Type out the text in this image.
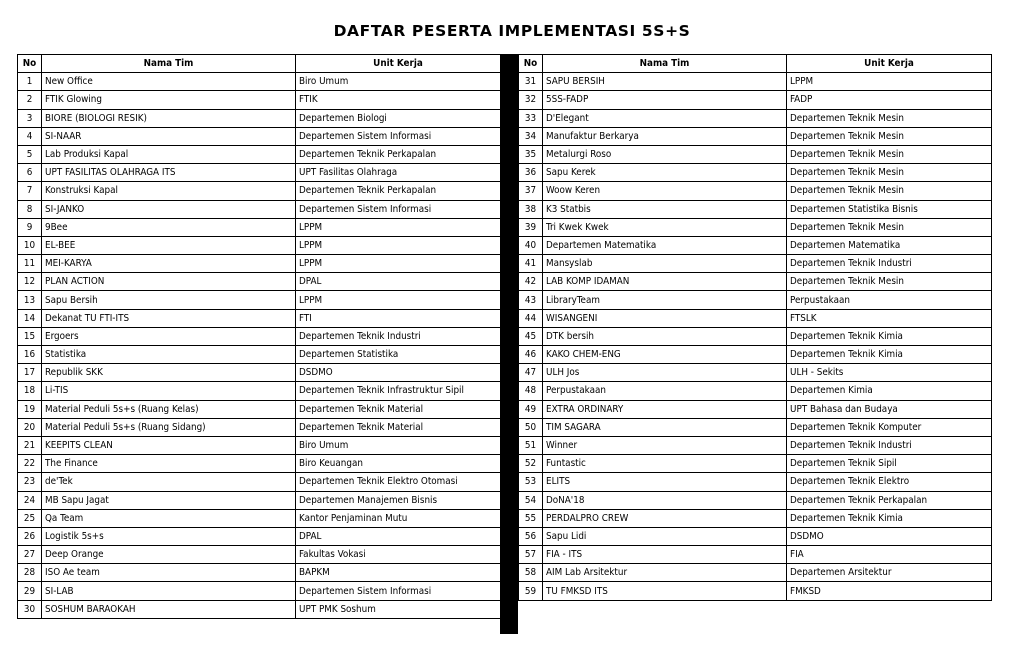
DAFTAR PESERTA IMPLEMENTASI 5S+S
No	Nama Tim	Unit Kerja
1	New Office	Biro Umum
2	FTIK Glowing	FTIK
3	BIORE (BIOLOGI RESIK)	Departemen Biologi
4	SI-NAAR	Departemen Sistem Informasi
5	Lab Produksi Kapal	Departemen Teknik Perkapalan
6	UPT FASILITAS OLAHRAGA ITS	UPT Fasilitas Olahraga
7	Konstruksi Kapal	Departemen Teknik Perkapalan
8	SI-JANKO	Departemen Sistem Informasi
9	9Bee	LPPM
10	EL-BEE	LPPM
11	MEI-KARYA	LPPM
12	PLAN ACTION	DPAL
13	Sapu Bersih	LPPM
14	Dekanat TU FTI-ITS	FTI
15	Ergoers	Departemen Teknik Industri
16	Statistika	Departemen Statistika
17	Republik SKK	DSDMO
18	Li-TIS	Departemen Teknik Infrastruktur Sipil
19	Material Peduli 5s+s (Ruang Kelas)	Departemen Teknik Material
20	Material Peduli 5s+s (Ruang Sidang)	Departemen Teknik Material
21	KEEPITS CLEAN	Biro Umum
22	The Finance	Biro Keuangan
23	de'Tek	Departemen Teknik Elektro Otomasi
24	MB Sapu Jagat	Departemen Manajemen Bisnis
25	Qa Team	Kantor Penjaminan Mutu
26	Logistik 5s+s	DPAL
27	Deep Orange	Fakultas Vokasi
28	ISO Ae team	BAPKM
29	SI-LAB	Departemen Sistem Informasi
30	SOSHUM BARAOKAH	UPT PMK Soshum
No	Nama Tim	Unit Kerja
31	SAPU BERSIH	LPPM
32	5SS-FADP	FADP
33	D'Elegant	Departemen Teknik Mesin
34	Manufaktur Berkarya	Departemen Teknik Mesin
35	Metalurgi Roso	Departemen Teknik Mesin
36	Sapu Kerek	Departemen Teknik Mesin
37	Woow Keren	Departemen Teknik Mesin
38	K3 Statbis	Departemen Statistika Bisnis
39	Tri Kwek Kwek	Departemen Teknik Mesin
40	Departemen Matematika	Departemen Matematika
41	Mansyslab	Departemen Teknik Industri
42	LAB KOMP IDAMAN	Departemen Teknik Mesin
43	LibraryTeam	Perpustakaan
44	WISANGENI	FTSLK
45	DTK bersih	Departemen Teknik Kimia
46	KAKO CHEM-ENG	Departemen Teknik Kimia
47	ULH Jos	ULH - Sekits
48	Perpustakaan	Departemen Kimia
49	EXTRA ORDINARY	UPT Bahasa dan Budaya
50	TIM SAGARA	Departemen Teknik Komputer
51	Winner	Departemen Teknik Industri
52	Funtastic	Departemen Teknik Sipil
53	ELITS	Departemen Teknik Elektro
54	DoNA'18	Departemen Teknik Perkapalan
55	PERDALPRO CREW	Departemen Teknik Kimia
56	Sapu Lidi	DSDMO
57	FIA - ITS	FIA
58	AIM Lab Arsitektur	Departemen Arsitektur
59	TU FMKSD ITS	FMKSD
